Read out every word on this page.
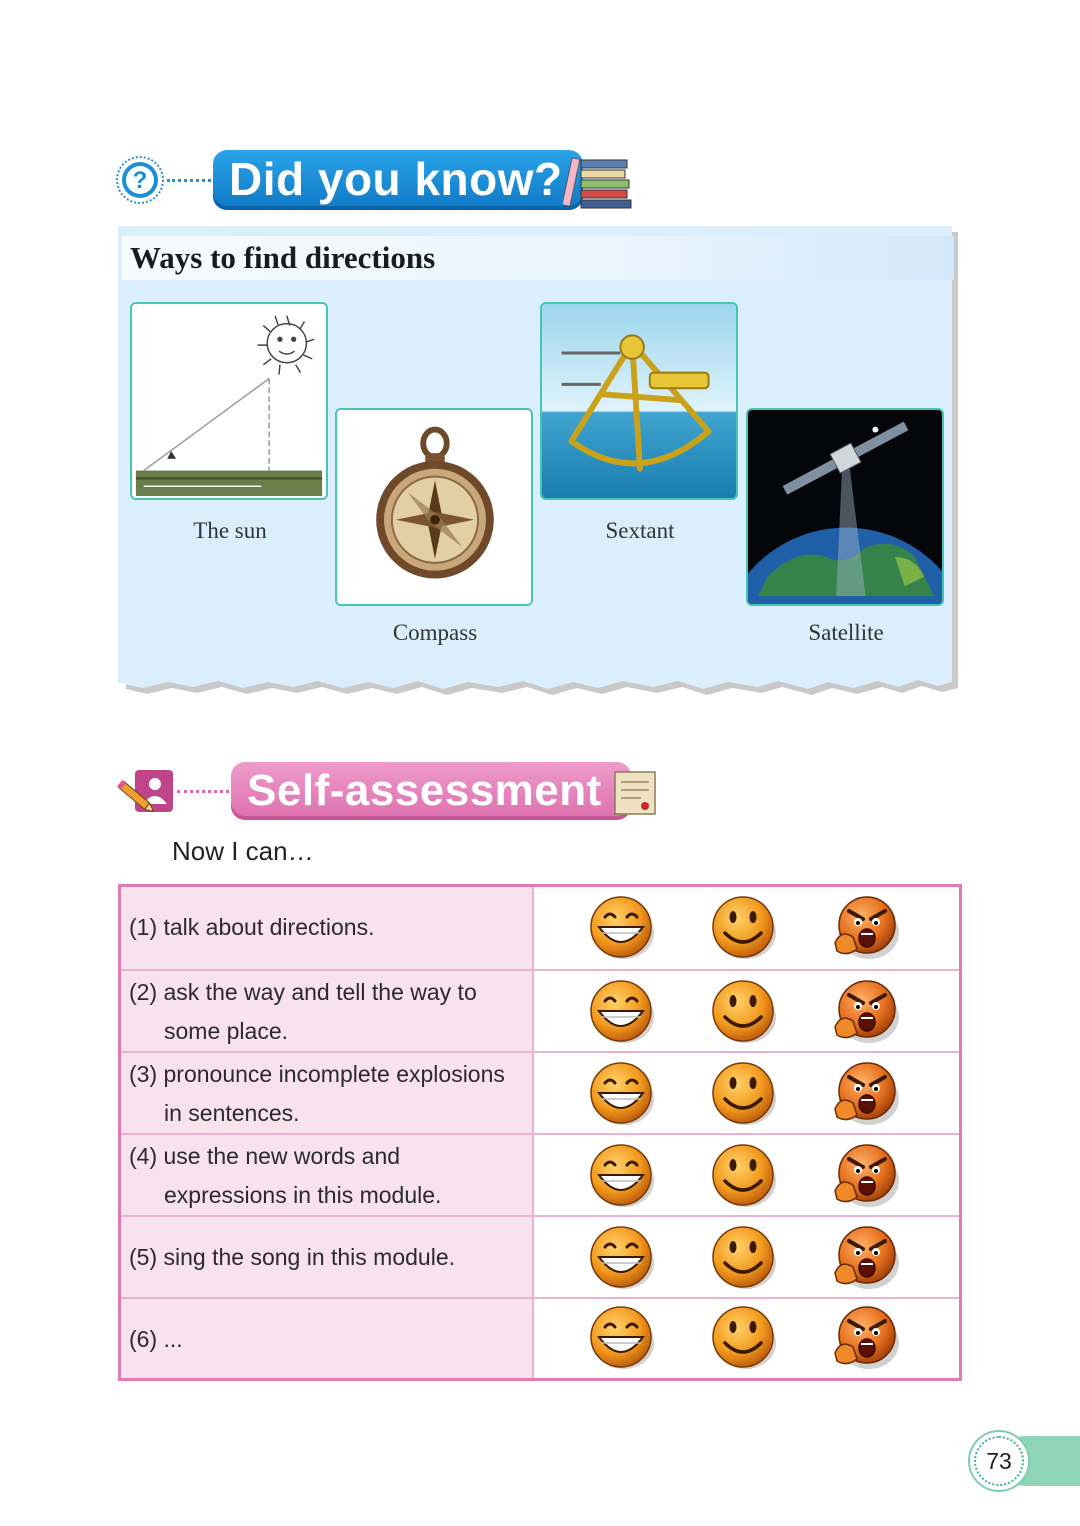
? Did you know?
Ways to find directions
The sun
Compass
Sextant
Satellite
Self-assessment
Now I can…
(1) talk about directions.
(2) ask the way and tell the way to
some place.
(3) pronounce incomplete explosions
in sentences.
(4) use the new words and
expressions in this module.
(5) sing the song in this module.
(6) ...
73
